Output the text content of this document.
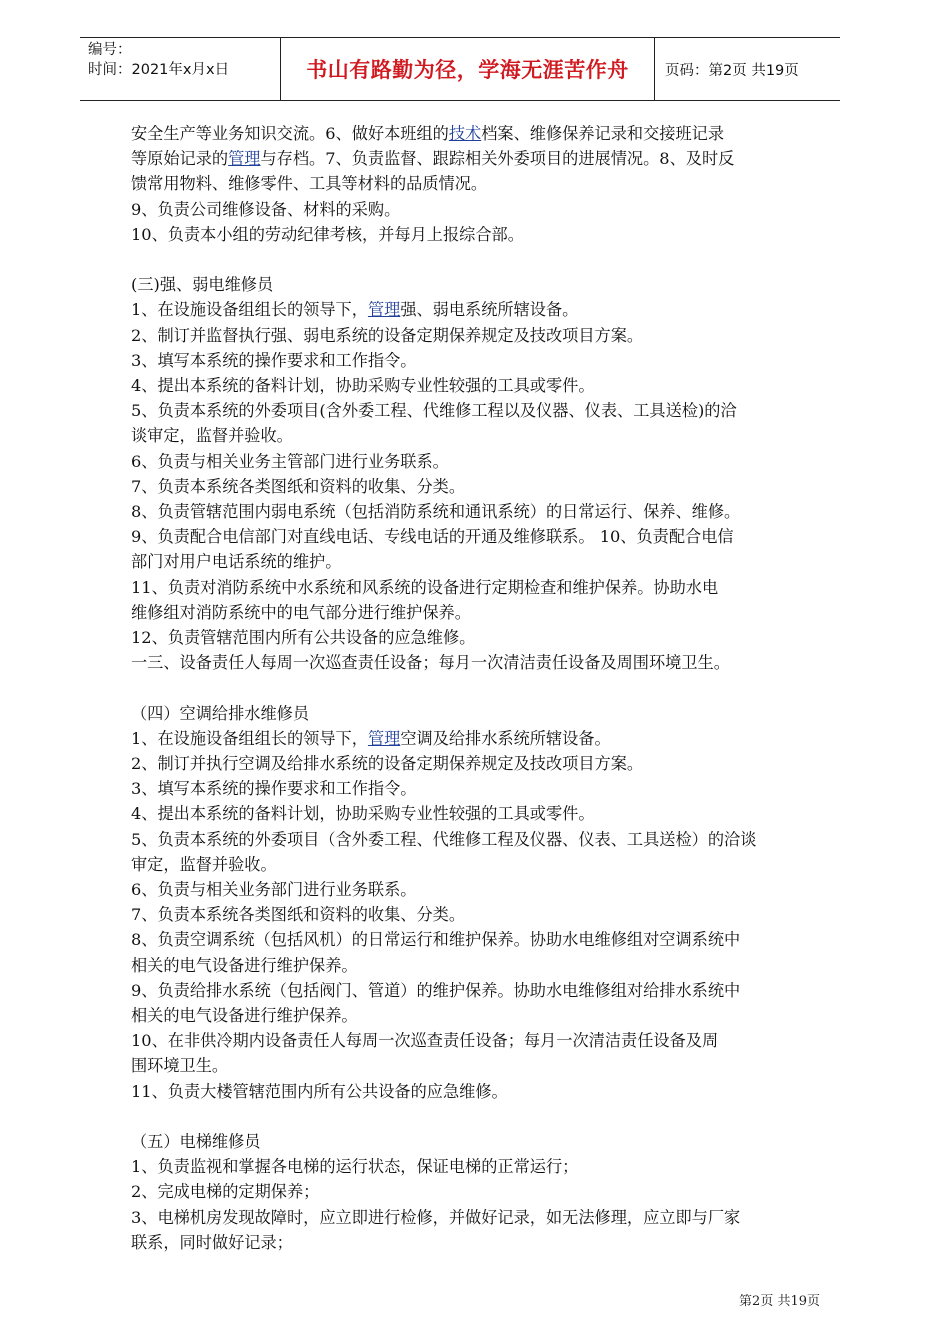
编号：
时间：2021年x月x日	书山有路勤为径，学海无涯苦作舟	页码：第2页 共19页

安全生产等业务知识交流。6、做好本班组的技术档案、维修保养记录和交接班记录

等原始记录的管理与存档。7、负责监督、跟踪相关外委项目的进展情况。8、及时反

馈常用物料、维修零件、工具等材料的品质情况。

9、负责公司维修设备、材料的采购。

10、负责本小组的劳动纪律考核，并每月上报综合部。

(三)强、弱电维修员

1、在设施设备组组长的领导下，管理强、弱电系统所辖设备。

2、制订并监督执行强、弱电系统的设备定期保养规定及技改项目方案。

3、填写本系统的操作要求和工作指令。

4、提出本系统的备料计划，协助采购专业性较强的工具或零件。

5、负责本系统的外委项目(含外委工程、代维修工程以及仪器、仪表、工具送检)的洽

谈审定，监督并验收。

6、负责与相关业务主管部门进行业务联系。

7、负责本系统各类图纸和资料的收集、分类。

8、负责管辖范围内弱电系统（包括消防系统和通讯系统）的日常运行、保养、维修。

9、负责配合电信部门对直线电话、专线电话的开通及维修联系。 10、负责配合电信

部门对用户电话系统的维护。

11、负责对消防系统中水系统和风系统的设备进行定期检查和维护保养。协助水电

维修组对消防系统中的电气部分进行维护保养。

12、负责管辖范围内所有公共设备的应急维修。

一三、设备责任人每周一次巡查责任设备；每月一次清洁责任设备及周围环境卫生。

（四）空调给排水维修员

1、在设施设备组组长的领导下，管理空调及给排水系统所辖设备。

2、制订并执行空调及给排水系统的设备定期保养规定及技改项目方案。

3、填写本系统的操作要求和工作指令。

4、提出本系统的备料计划，协助采购专业性较强的工具或零件。

5、负责本系统的外委项目（含外委工程、代维修工程及仪器、仪表、工具送检）的洽谈

审定，监督并验收。

6、负责与相关业务部门进行业务联系。

7、负责本系统各类图纸和资料的收集、分类。

8、负责空调系统（包括风机）的日常运行和维护保养。协助水电维修组对空调系统中

相关的电气设备进行维护保养。

9、负责给排水系统（包括阀门、管道）的维护保养。协助水电维修组对给排水系统中

相关的电气设备进行维护保养。

10、在非供冷期内设备责任人每周一次巡查责任设备；每月一次清洁责任设备及周

围环境卫生。

11、负责大楼管辖范围内所有公共设备的应急维修。

（五）电梯维修员

1、负责监视和掌握各电梯的运行状态，保证电梯的正常运行；

2、完成电梯的定期保养；

3、电梯机房发现故障时，应立即进行检修，并做好记录，如无法修理，应立即与厂家

联系，同时做好记录；

第2页 共19页
